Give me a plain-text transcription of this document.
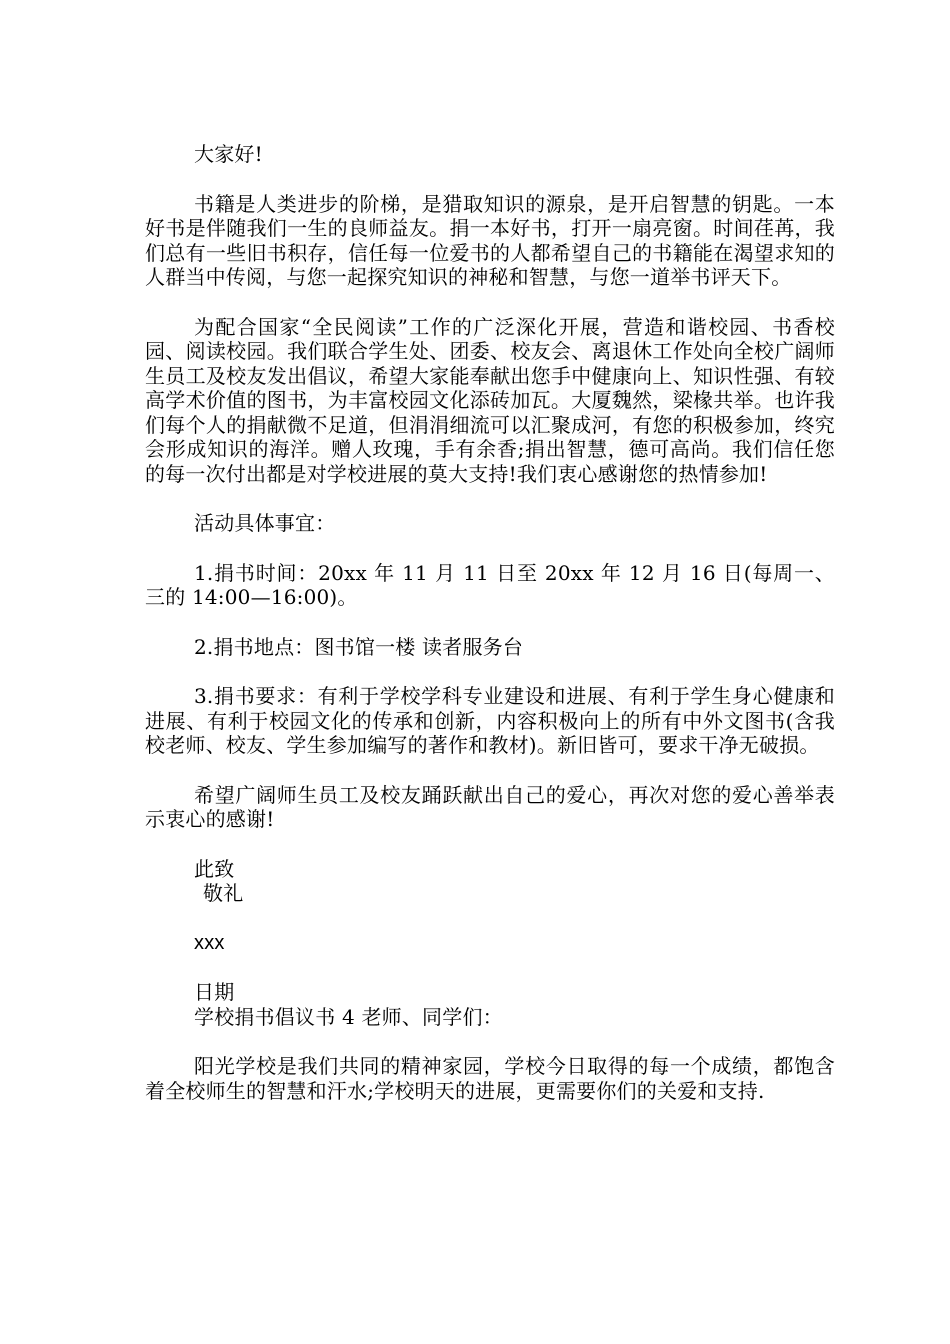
大家好!

书籍是人类进步的阶梯，是猎取知识的源泉，是开启智慧的钥匙。一本好书是伴随我们一生的良师益友。捐一本好书，打开一扇亮窗。时间荏苒，我们总有一些旧书积存，信任每一位爱书的人都希望自己的书籍能在渴望求知的人群当中传阅，与您一起探究知识的神秘和智慧，与您一道举书评天下。

为配合国家“全民阅读”工作的广泛深化开展，营造和谐校园、书香校园、阅读校园。我们联合学生处、团委、校友会、离退休工作处向全校广阔师生员工及校友发出倡议，希望大家能奉献出您手中健康向上、知识性强、有较高学术价值的图书，为丰富校园文化添砖加瓦。大厦魏然，梁椽共举。也许我们每个人的捐献微不足道，但涓涓细流可以汇聚成河，有您的积极参加，终究会形成知识的海洋。赠人玫瑰，手有余香;捐出智慧，德可高尚。我们信任您的每一次付出都是对学校进展的莫大支持!我们衷心感谢您的热情参加!

活动具体事宜：

1.捐书时间：20xx 年 11 月 11 日至 20xx 年 12 月 16 日(每周一、三的 14:00—16:00)。

2.捐书地点：图书馆一楼 读者服务台

3.捐书要求：有利于学校学科专业建设和进展、有利于学生身心健康和进展、有利于校园文化的传承和创新，内容积极向上的所有中外文图书(含我校老师、校友、学生参加编写的著作和教材)。新旧皆可，要求干净无破损。

希望广阔师生员工及校友踊跃献出自己的爱心，再次对您的爱心善举表示衷心的感谢!

此致

敬礼

xxx

日期

学校捐书倡议书 4 老师、同学们：

阳光学校是我们共同的精神家园，学校今日取得的每一个成绩，都饱含着全校师生的智慧和汗水;学校明天的进展，更需要你们的关爱和支持.
